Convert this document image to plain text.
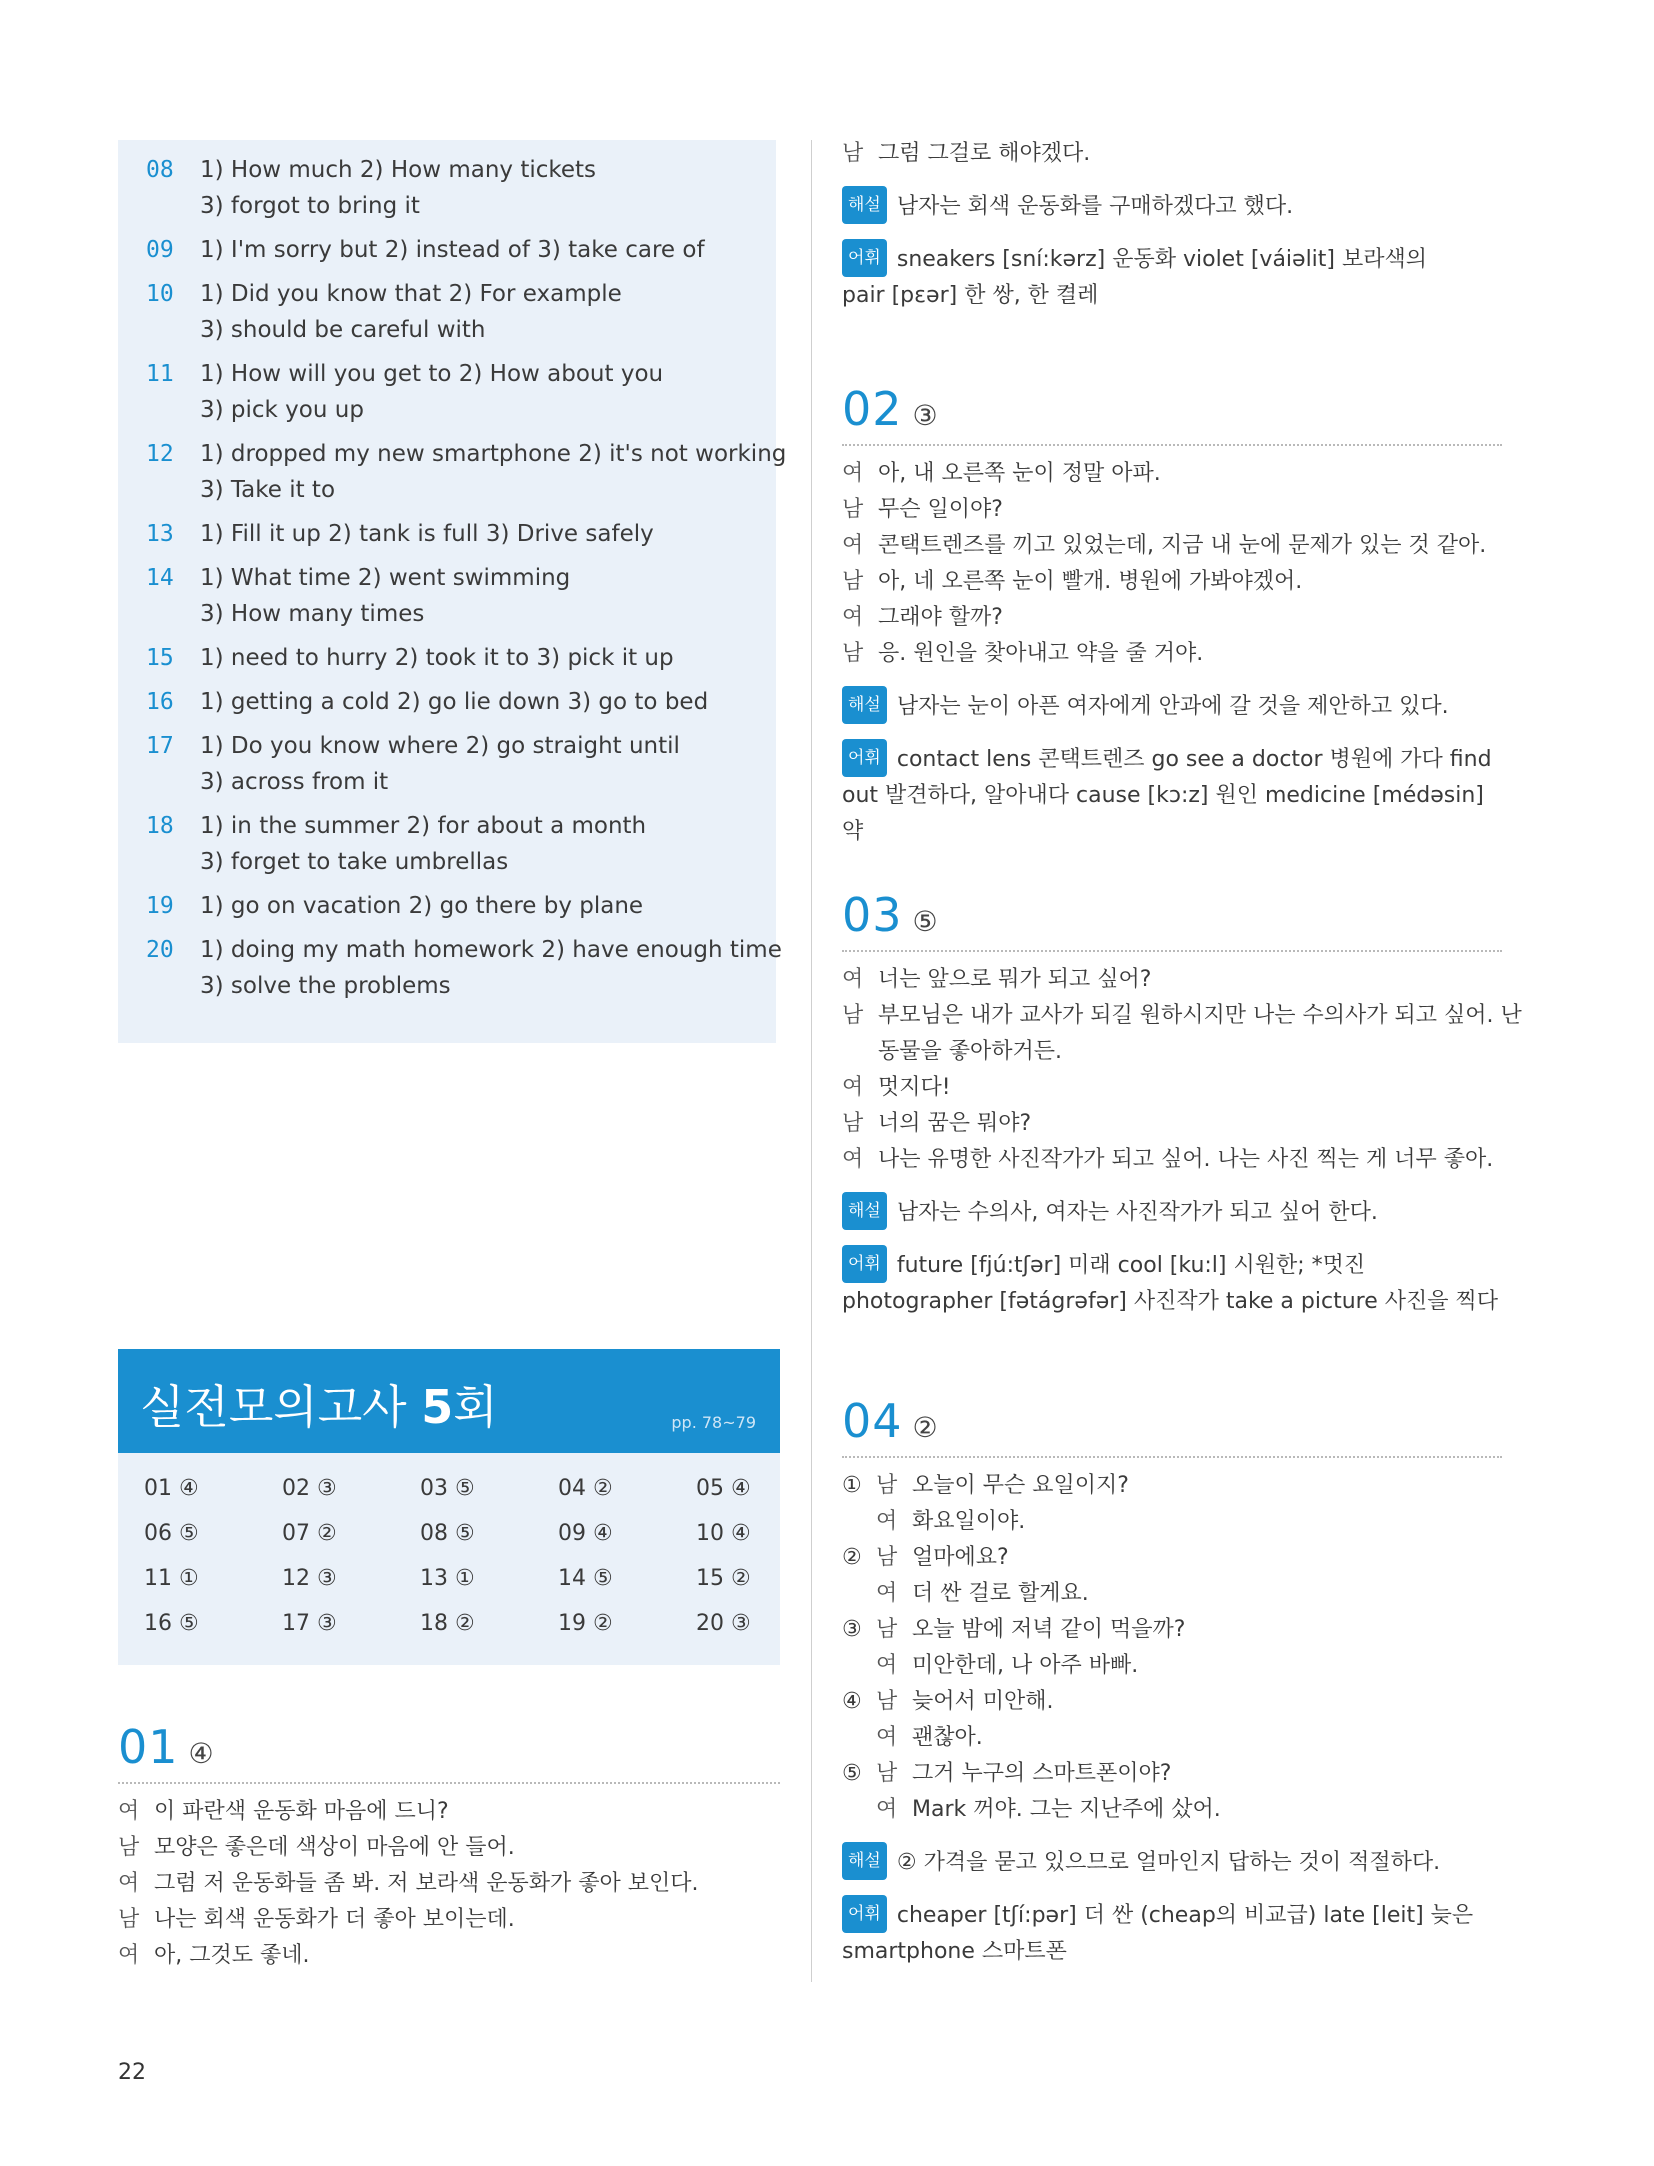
08	1) How much 2) How many tickets
3) forgot to bring it
09	1) I'm sorry but 2) instead of 3) take care of
10	1) Did you know that 2) For example
3) should be careful with
11	1) How will you get to 2) How about you
3) pick you up
12	1) dropped my new smartphone 2) it's not working
3) Take it to
13	1) Fill it up 2) tank is full 3) Drive safely
14	1) What time 2) went swimming
3) How many times
15	1) need to hurry 2) took it to 3) pick it up
16	1) getting a cold 2) go lie down 3) go to bed
17	1) Do you know where 2) go straight until
3) across from it
18	1) in the summer 2) for about a month
3) forget to take umbrellas
19	1) go on vacation 2) go there by plane
20	1) doing my math homework 2) have enough time
3) solve the problems
실전모의고사 5회	pp. 78~79
01 ④	02 ③	03 ⑤	04 ②	05 ④
06 ⑤	07 ②	08 ⑤	09 ④	10 ④
11 ①	12 ③	13 ①	14 ⑤	15 ②
16 ⑤	17 ③	18 ②	19 ②	20 ③
01 ④
여 이 파란색 운동화 마음에 드니?
남 모양은 좋은데 색상이 마음에 안 들어.
여 그럼 저 운동화들 좀 봐. 저 보라색 운동화가 좋아 보인다.
남 나는 회색 운동화가 더 좋아 보이는데.
여 아, 그것도 좋네.
남 그럼 그걸로 해야겠다.
해설 남자는 회색 운동화를 구매하겠다고 했다.
어휘 sneakers [sní:kərz] 운동화 violet [váiəlit] 보라색의
pair [pεər] 한 쌍, 한 켤레
02 ③
여 아, 내 오른쪽 눈이 정말 아파.
남 무슨 일이야?
여 콘택트렌즈를 끼고 있었는데, 지금 내 눈에 문제가 있는 것 같아.
남 아, 네 오른쪽 눈이 빨개. 병원에 가봐야겠어.
여 그래야 할까?
남 응. 원인을 찾아내고 약을 줄 거야.
해설 남자는 눈이 아픈 여자에게 안과에 갈 것을 제안하고 있다.
어휘 contact lens 콘택트렌즈 go see a doctor 병원에 가다 find
out 발견하다, 알아내다 cause [kɔ:z] 원인 medicine [médəsin] 약
03 ⑤
여 너는 앞으로 뭐가 되고 싶어?
남 부모님은 내가 교사가 되길 원하시지만 나는 수의사가 되고 싶어. 난
동물을 좋아하거든.
여 멋지다!
남 너의 꿈은 뭐야?
여 나는 유명한 사진작가가 되고 싶어. 나는 사진 찍는 게 너무 좋아.
해설 남자는 수의사, 여자는 사진작가가 되고 싶어 한다.
어휘 future [fjú:tʃər] 미래 cool [ku:l] 시원한; *멋진
photographer [fətágrəfər] 사진작가 take a picture 사진을 찍다
04 ②
① 남 오늘이 무슨 요일이지?
여 화요일이야.
② 남 얼마에요?
여 더 싼 걸로 할게요.
③ 남 오늘 밤에 저녁 같이 먹을까?
여 미안한데, 나 아주 바빠.
④ 남 늦어서 미안해.
여 괜찮아.
⑤ 남 그거 누구의 스마트폰이야?
여 Mark 꺼야. 그는 지난주에 샀어.
해설 ② 가격을 묻고 있으므로 얼마인지 답하는 것이 적절하다.
어휘 cheaper [tʃí:pər] 더 싼 (cheap의 비교급) late [leit] 늦은
smartphone 스마트폰
22
